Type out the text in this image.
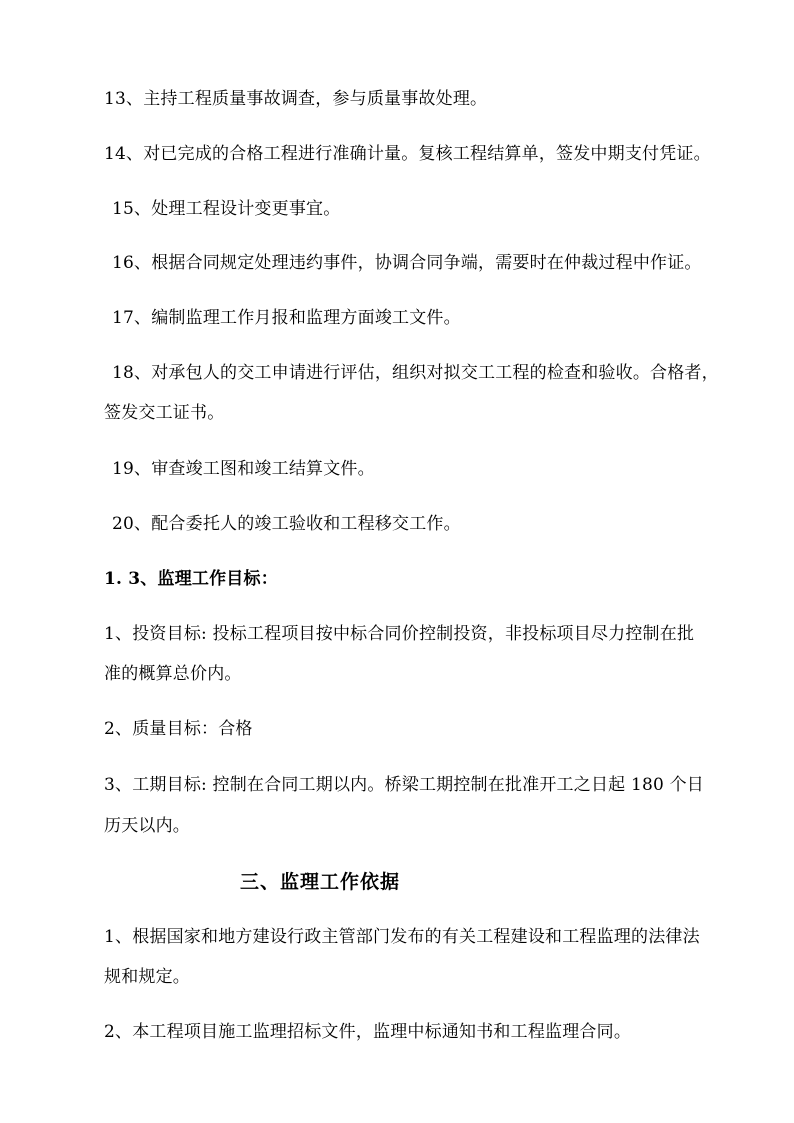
13、主持工程质量事故调查，参与质量事故处理。
14、对已完成的合格工程进行准确计量。复核工程结算单，签发中期支付凭证。
15、处理工程设计变更事宜。
16、根据合同规定处理违约事件，协调合同争端，需要时在仲裁过程中作证。
17、编制监理工作月报和监理方面竣工文件。
18、对承包人的交工申请进行评估，组织对拟交工工程的检查和验收。合格者，
签发交工证书。
19、审查竣工图和竣工结算文件。
20、配合委托人的竣工验收和工程移交工作。
1. 3、监理工作目标：
1、投资目标: 投标工程项目按中标合同价控制投资，非投标项目尽力控制在批
准的概算总价内。
2、质量目标：合格
3、工期目标: 控制在合同工期以内。桥梁工期控制在批准开工之日起 180 个日
历天以内。
三、监理工作依据
1、根据国家和地方建设行政主管部门发布的有关工程建设和工程监理的法律法
规和规定。
2、本工程项目施工监理招标文件，监理中标通知书和工程监理合同。
